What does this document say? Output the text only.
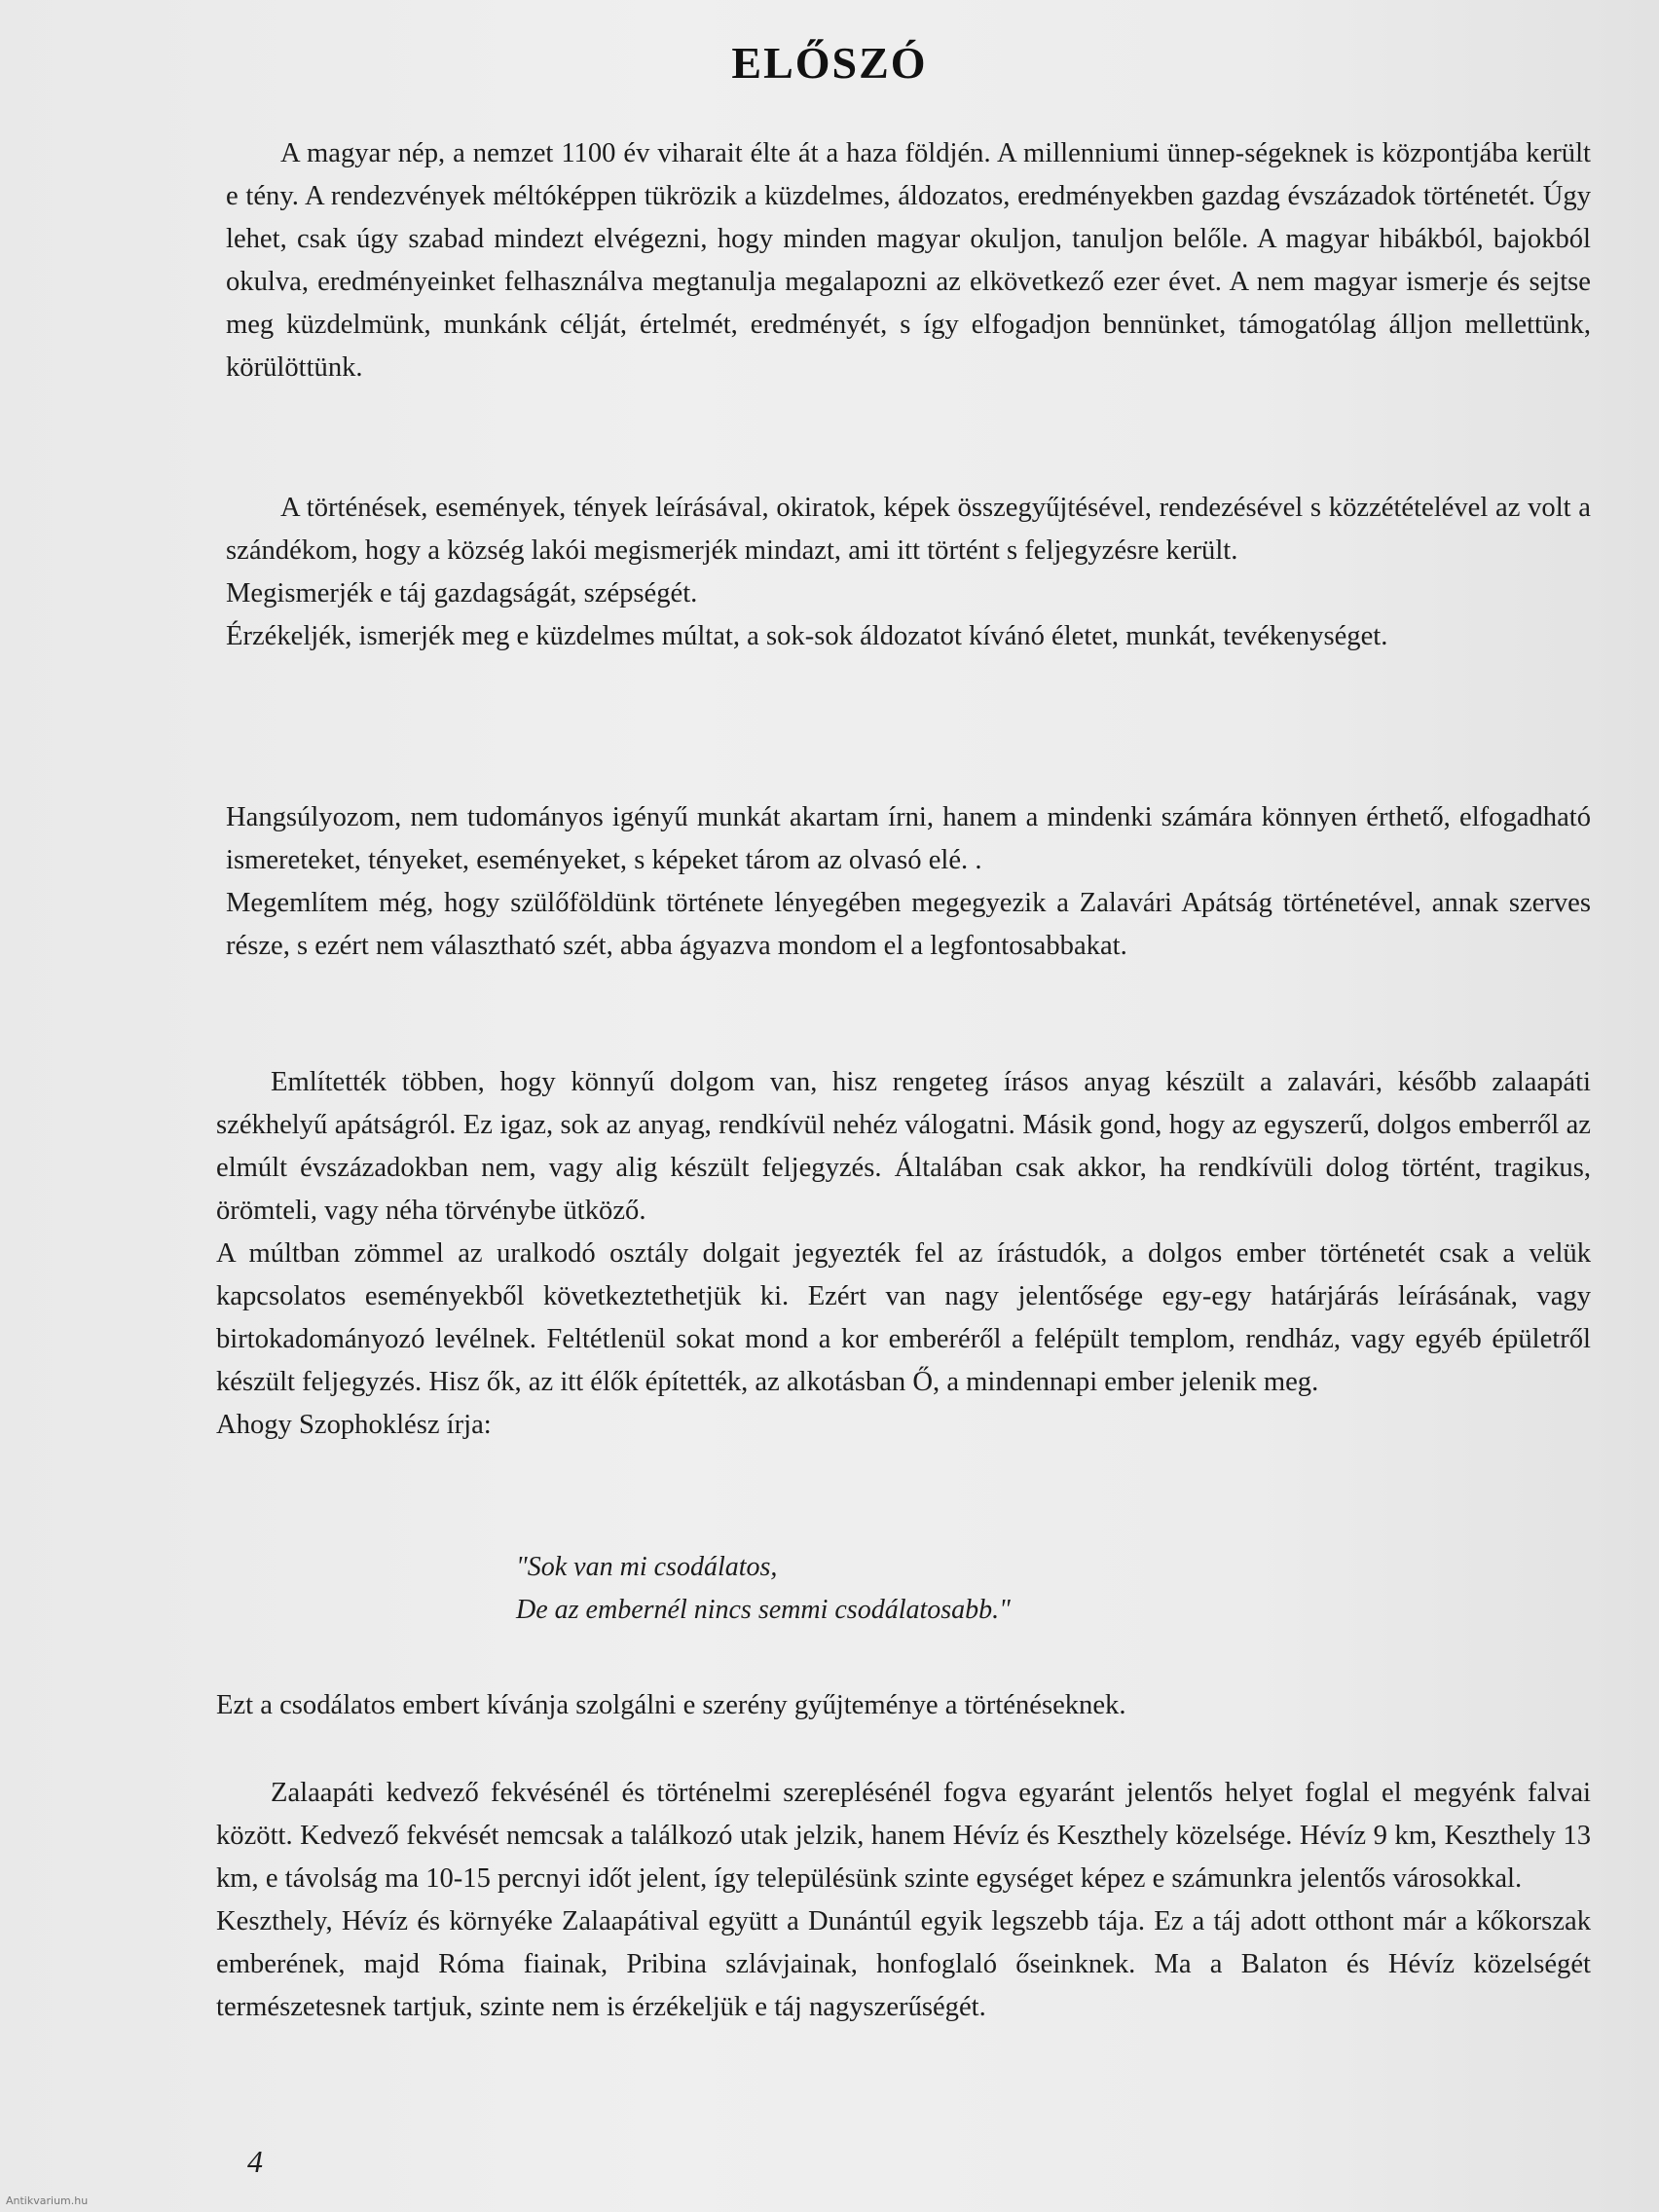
ELŐSZÓ

A magyar nép, a nemzet 1100 év viharait élte át a haza földjén. A millenniumi ünnep-ségeknek is központjába került e tény. A rendezvények méltóképpen tükrözik a küzdelmes, áldozatos, eredményekben gazdag évszázadok történetét. Úgy lehet, csak úgy szabad mindezt elvégezni, hogy minden magyar okuljon, tanuljon belőle. A magyar hibákból, bajokból okulva, eredményeinket felhasználva megtanulja megalapozni az elkövetkező ezer évet. A nem magyar ismerje és sejtse meg küzdelmünk, munkánk célját, értelmét, eredményét, s így elfogadjon bennünket, támogatólag álljon mellettünk, körülöttünk.

A történések, események, tények leírásával, okiratok, képek összegyűjtésével, rendezésével s közzétételével az volt a szándékom, hogy a község lakói megismerjék mindazt, ami itt történt s feljegyzésre került.

Megismerjék e táj gazdagságát, szépségét.

Érzékeljék, ismerjék meg e küzdelmes múltat, a sok-sok áldozatot kívánó életet, munkát, tevékenységet.

Hangsúlyozom, nem tudományos igényű munkát akartam írni, hanem a mindenki számára könnyen érthető, elfogadható ismereteket, tényeket, eseményeket, s képeket tárom az olvasó elé. .

Megemlítem még, hogy szülőföldünk története lényegében megegyezik a Zalavári Apátság történetével, annak szerves része, s ezért nem választható szét, abba ágyazva mondom el a legfontosabbakat.

Említették többen, hogy könnyű dolgom van, hisz rengeteg írásos anyag készült a zalavári, később zalaapáti székhelyű apátságról. Ez igaz, sok az anyag, rendkívül nehéz válogatni. Másik gond, hogy az egyszerű, dolgos emberről az elmúlt évszázadokban nem, vagy alig készült feljegyzés. Általában csak akkor, ha rendkívüli dolog történt, tragikus, örömteli, vagy néha törvénybe ütköző.

A múltban zömmel az uralkodó osztály dolgait jegyezték fel az írástudók, a dolgos ember történetét csak a velük kapcsolatos eseményekből következtethetjük ki. Ezért van nagy jelentősége egy-egy határjárás leírásának, vagy birtokadományozó levélnek. Feltétlenül sokat mond a kor emberéről a felépült templom, rendház, vagy egyéb épületről készült feljegyzés. Hisz ők, az itt élők építették, az alkotásban Ő, a mindennapi ember jelenik meg.

Ahogy Szophoklész írja:

"Sok van mi csodálatos,
De az embernél nincs semmi csodálatosabb."

Ezt a csodálatos embert kívánja szolgálni e szerény gyűjteménye a történéseknek.

Zalaapáti kedvező fekvésénél és történelmi szereplésénél fogva egyaránt jelentős helyet foglal el megyénk falvai között. Kedvező fekvését nemcsak a találkozó utak jelzik, hanem Hévíz és Keszthely közelsége. Hévíz 9 km, Keszthely 13 km, e távolság ma 10-15 percnyi időt jelent, így településünk szinte egységet képez e számunkra jelentős városokkal.

Keszthely, Hévíz és környéke Zalaapátival együtt a Dunántúl egyik legszebb tája. Ez a táj adott otthont már a kőkorszak emberének, majd Róma fiainak, Pribina szlávjainak, honfoglaló őseinknek. Ma a Balaton és Hévíz közelségét természetesnek tartjuk, szinte nem is érzékeljük e táj nagyszerűségét.

4
Antikvarium.hu
